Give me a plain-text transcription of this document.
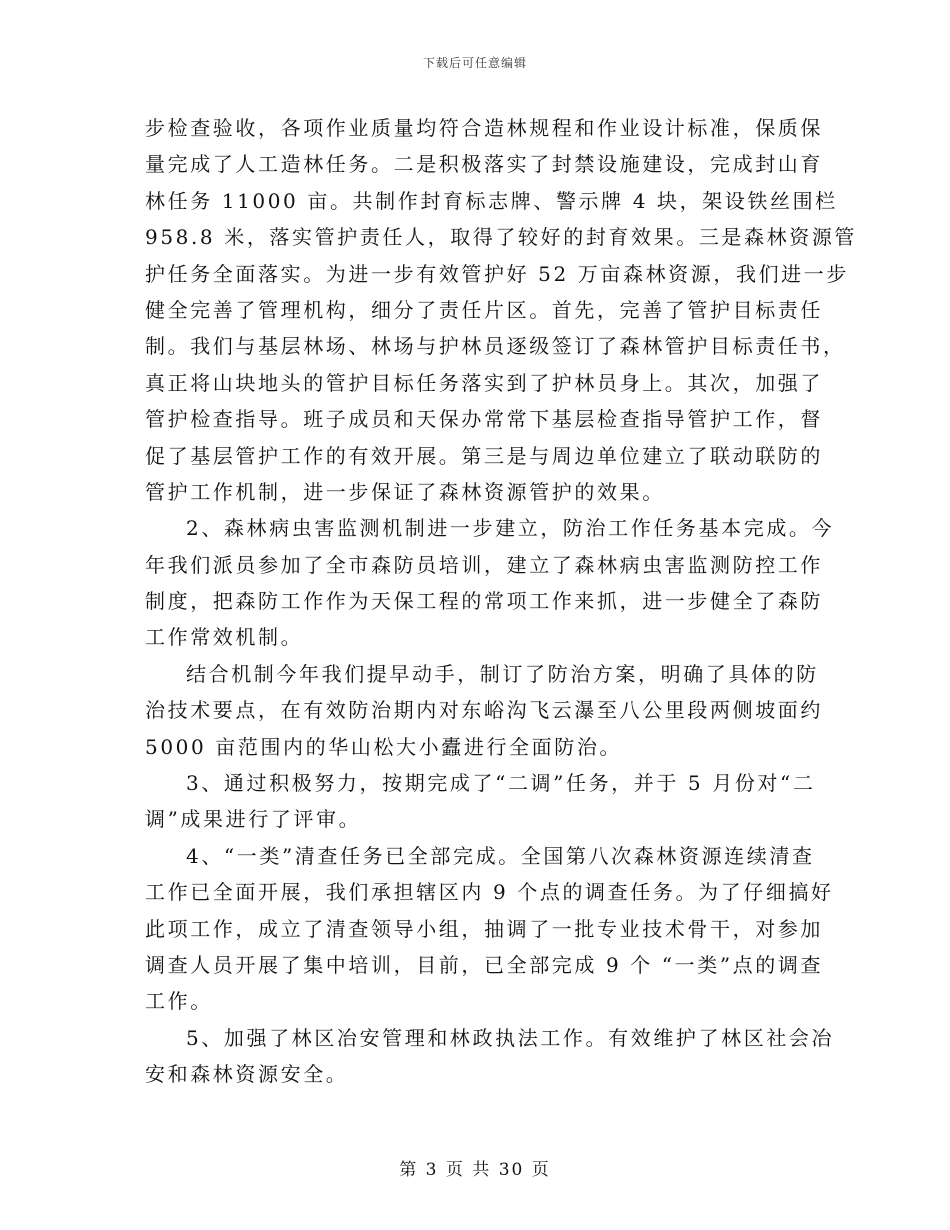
下载后可任意编辑
步检查验收，各项作业质量均符合造林规程和作业设计标准，保质保
量完成了人工造林任务。二是积极落实了封禁设施建设，完成封山育
林任务 11000 亩。共制作封育标志牌、警示牌 4 块，架设铁丝围栏
958.8 米，落实管护责任人，取得了较好的封育效果。三是森林资源管
护任务全面落实。为进一步有效管护好 52 万亩森林资源，我们进一步
健全完善了管理机构，细分了责任片区。首先，完善了管护目标责任
制。我们与基层林场、林场与护林员逐级签订了森林管护目标责任书，
真正将山块地头的管护目标任务落实到了护林员身上。其次，加强了
管护检查指导。班子成员和天保办常常下基层检查指导管护工作，督
促了基层管护工作的有效开展。第三是与周边单位建立了联动联防的
管护工作机制，进一步保证了森林资源管护的效果。
2、森林病虫害监测机制进一步建立，防治工作任务基本完成。今
年我们派员参加了全市森防员培训，建立了森林病虫害监测防控工作
制度，把森防工作作为天保工程的常项工作来抓，进一步健全了森防
工作常效机制。
结合机制今年我们提早动手，制订了防治方案，明确了具体的防
治技术要点，在有效防治期内对东峪沟飞云瀑至八公里段两侧坡面约
5000 亩范围内的华山松大小蠹进行全面防治。
3、通过积极努力，按期完成了“二调”任务，并于 5 月份对“二
调”成果进行了评审。
4、“一类”清查任务已全部完成。全国第八次森林资源连续清查
工作已全面开展，我们承担辖区内 9 个点的调查任务。为了仔细搞好
此项工作，成立了清查领导小组，抽调了一批专业技术骨干，对参加
调查人员开展了集中培训，目前，已全部完成 9 个 “一类”点的调查
工作。
5、加强了林区冶安管理和林政执法工作。有效维护了林区社会冶
安和森林资源安全。
第 3 页 共 30 页
